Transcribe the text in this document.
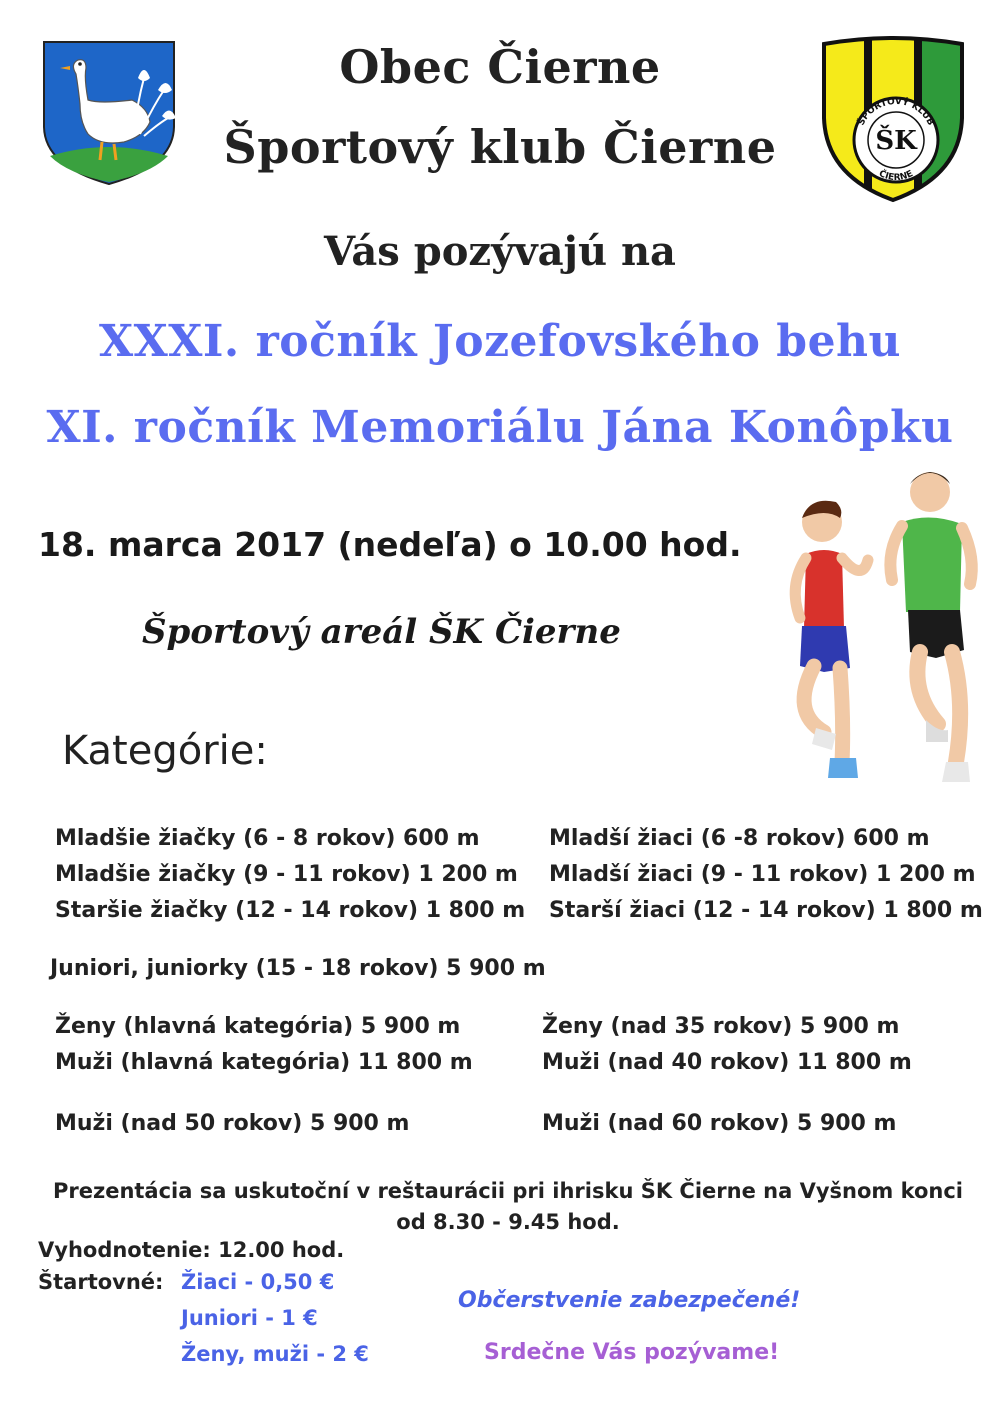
Obec Čierne
Športový klub Čierne	ŠPORTOVÝ KLUB
ČIERNE
ŠK
Vás pozývajú na
XXXI. ročník Jozefovského behu
XI. ročník Memoriálu Jána Konôpku
18. marca 2017 (nedeľa) o 10.00 hod.
Športový areál ŠK Čierne
Kategórie:
Mladšie žiačky (6 - 8 rokov) 600 m
Mladšie žiačky (9 - 11 rokov) 1 200 m
Staršie žiačky (12 - 14 rokov) 1 800 m
Mladší žiaci (6 -8 rokov) 600 m
Mladší žiaci (9 - 11 rokov) 1 200 m
Starší žiaci (12 - 14 rokov) 1 800 m
Juniori, juniorky (15 - 18 rokov) 5 900 m
Ženy (hlavná kategória) 5 900 m
Muži (hlavná kategória) 11 800 m
Ženy (nad 35 rokov) 5 900 m
Muži (nad 40 rokov) 11 800 m
Muži (nad 50 rokov) 5 900 m	Muži (nad 60 rokov) 5 900 m
Prezentácia sa uskutoční v reštaurácii pri ihrisku ŠK Čierne na Vyšnom konci
od 8.30 - 9.45 hod.
Vyhodnotenie: 12.00 hod.
Štartovné: Žiaci - 0,50 €
Juniori - 1 €
Ženy, muži - 2 €
Občerstvenie zabezpečené!
Srdečne Vás pozývame!
